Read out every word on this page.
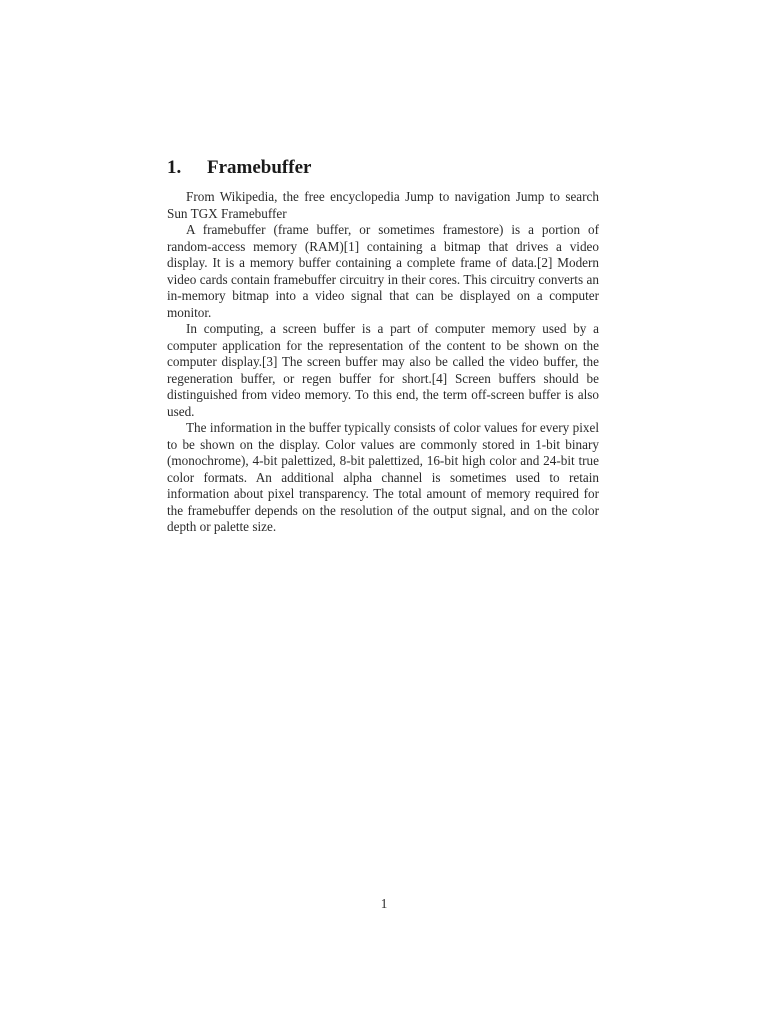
1. Framebuffer

From Wikipedia, the free encyclopedia Jump to navigation Jump to search Sun TGX Framebuffer

A framebuffer (frame buffer, or sometimes framestore) is a portion of random-access memory (RAM)[1] containing a bitmap that drives a video display. It is a memory buffer containing a complete frame of data.[2] Modern video cards contain framebuffer circuitry in their cores. This circuitry converts an in-memory bitmap into a video signal that can be displayed on a computer monitor.

In computing, a screen buffer is a part of computer memory used by a computer application for the representation of the content to be shown on the computer display.[3] The screen buffer may also be called the video buffer, the regeneration buffer, or regen buffer for short.[4] Screen buffers should be distinguished from video memory. To this end, the term off-screen buffer is also used.

The information in the buffer typically consists of color values for every pixel to be shown on the display. Color values are commonly stored in 1-bit binary (monochrome), 4-bit palettized, 8-bit palettized, 16-bit high color and 24-bit true color formats. An additional alpha channel is sometimes used to retain information about pixel transparency. The total amount of memory required for the framebuffer depends on the resolution of the output signal, and on the color depth or palette size.

1
